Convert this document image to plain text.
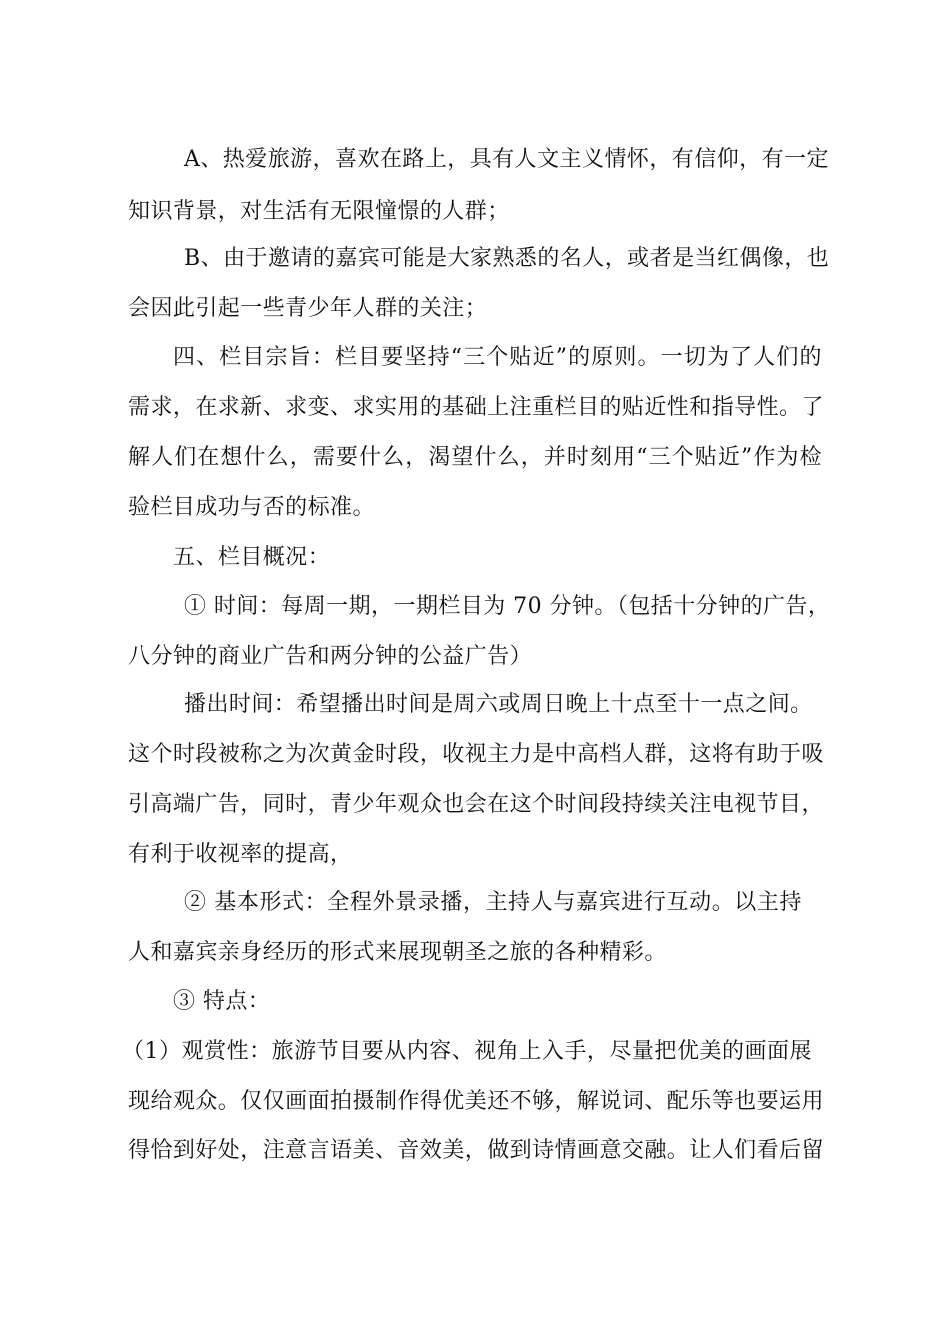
A、热爱旅游，喜欢在路上，具有人文主义情怀，有信仰，有一定
知识背景，对生活有无限憧憬的人群；
B、由于邀请的嘉宾可能是大家熟悉的名人，或者是当红偶像，也
会因此引起一些青少年人群的关注；
四、栏目宗旨：栏目要坚持“三个贴近”的原则。一切为了人们的
需求，在求新、求变、求实用的基础上注重栏目的贴近性和指导性。了
解人们在想什么，需要什么，渴望什么，并时刻用“三个贴近”作为检
验栏目成功与否的标准。
五、栏目概况：
① 时间：每周一期，一期栏目为 70 分钟。（包括十分钟的广告，
八分钟的商业广告和两分钟的公益广告）
播出时间：希望播出时间是周六或周日晚上十点至十一点之间。
这个时段被称之为次黄金时段，收视主力是中高档人群，这将有助于吸
引高端广告，同时，青少年观众也会在这个时间段持续关注电视节目，
有利于收视率的提高，
② 基本形式：全程外景录播，主持人与嘉宾进行互动。以主持
人和嘉宾亲身经历的形式来展现朝圣之旅的各种精彩。
③ 特点：
（1）观赏性：旅游节目要从内容、视角上入手，尽量把优美的画面展
现给观众。仅仅画面拍摄制作得优美还不够，解说词、配乐等也要运用
得恰到好处，注意言语美、音效美，做到诗情画意交融。让人们看后留
